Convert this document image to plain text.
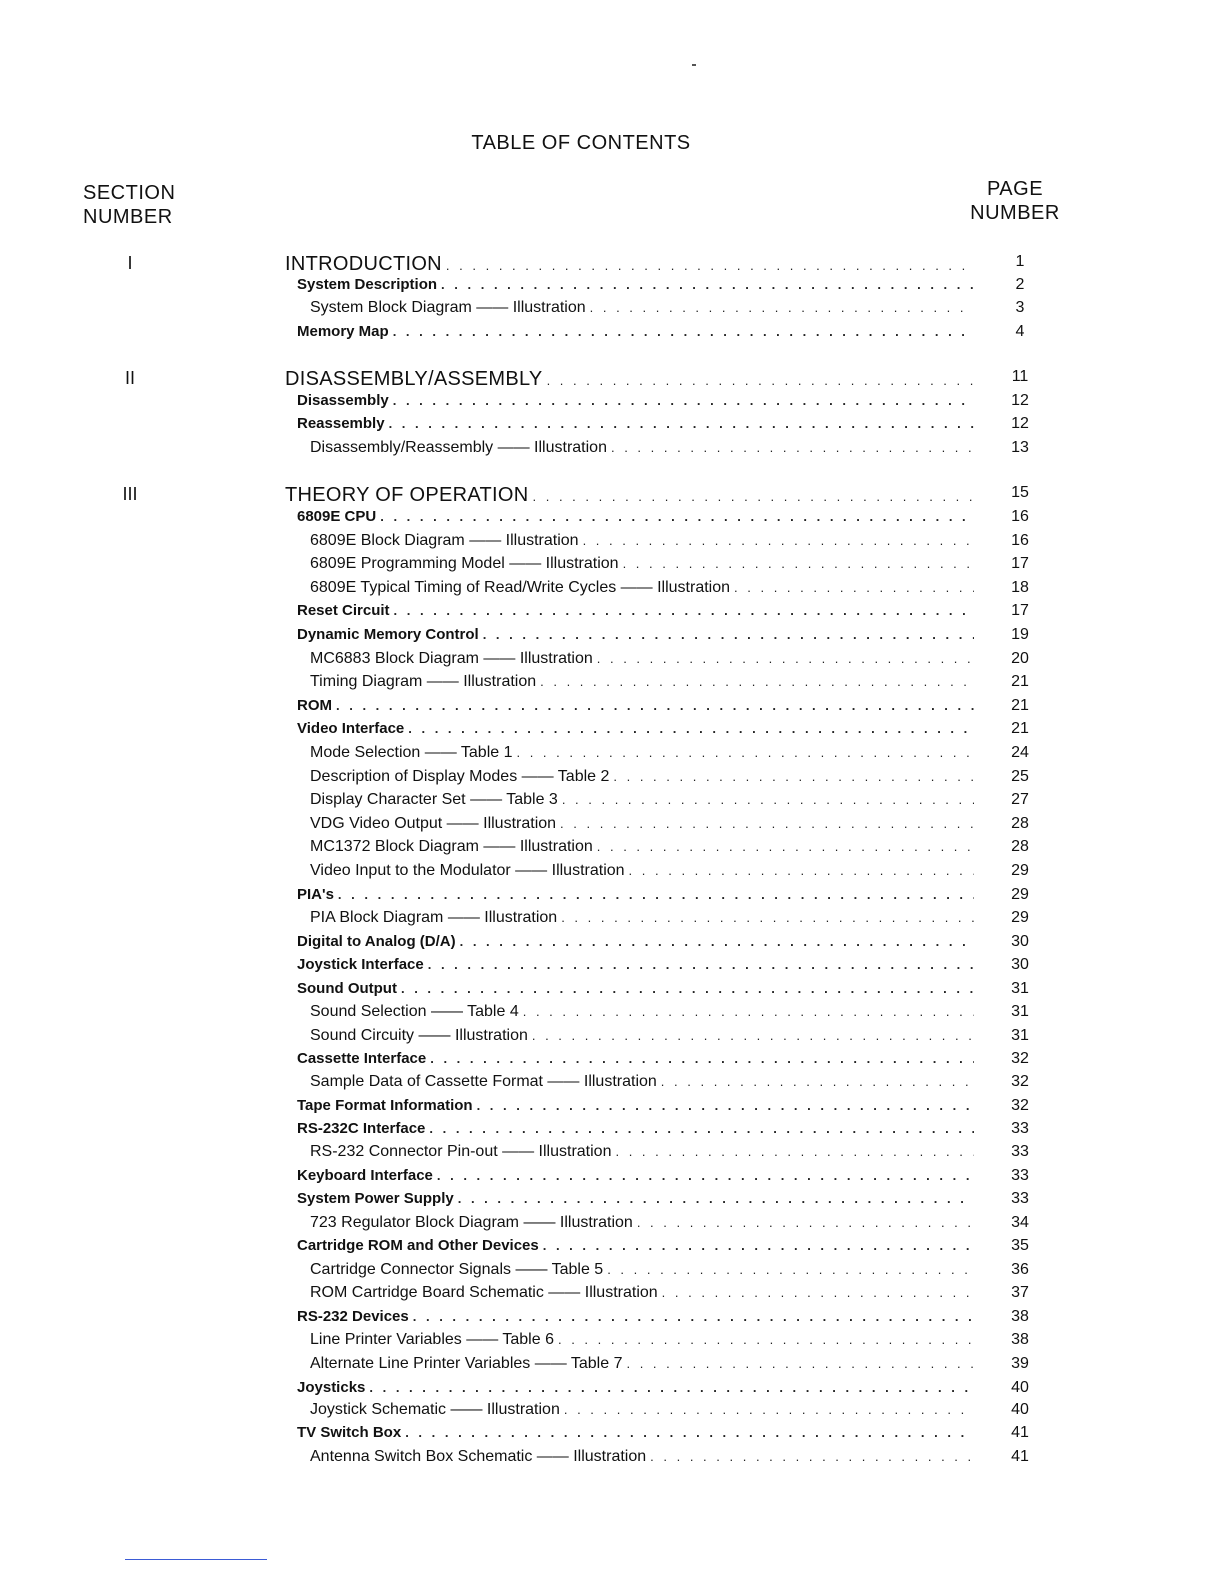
TABLE OF CONTENTS
SECTION
NUMBER
PAGE
NUMBER
I	INTRODUCTION . . .	1
System Description . . .	2
System Block Diagram —— Illustration . . .	3
Memory Map . . .	4
II	DISASSEMBLY/ASSEMBLY . . .	11
Disassembly . . .	12
Reassembly . . .	12
Disassembly/Reassembly —— Illustration . . .	13
III	THEORY OF OPERATION . . .	15
6809E CPU . . .	16
6809E Block Diagram —— Illustration . . .	16
6809E Programming Model —— Illustration . . .	17
6809E Typical Timing of Read/Write Cycles —— Illustration . . .	18
Reset Circuit . . .	17
Dynamic Memory Control . . .	19
MC6883 Block Diagram —— Illustration . . .	20
Timing Diagram —— Illustration . . .	21
ROM . . .	21
Video Interface . . .	21
Mode Selection —— Table 1 . . .	24
Description of Display Modes —— Table 2 . . .	25
Display Character Set —— Table 3 . . .	27
VDG Video Output —— Illustration . . .	28
MC1372 Block Diagram —— Illustration . . .	28
Video Input to the Modulator —— Illustration . . .	29
PIA's . . .	29
PIA Block Diagram —— Illustration . . .	29
Digital to Analog (D/A) . . .	30
Joystick Interface . . .	30
Sound Output . . .	31
Sound Selection —— Table 4 . . .	31
Sound Circuity —— Illustration . . .	31
Cassette Interface . . .	32
Sample Data of Cassette Format —— Illustration . . .	32
Tape Format Information . . .	32
RS-232C Interface . . .	33
RS-232 Connector Pin-out —— Illustration . . .	33
Keyboard Interface . . .	33
System Power Supply . . .	33
723 Regulator Block Diagram —— Illustration . . .	34
Cartridge ROM and Other Devices . . .	35
Cartridge Connector Signals —— Table 5 . . .	36
ROM Cartridge Board Schematic —— Illustration . . .	37
RS-232 Devices . . .	38
Line Printer Variables —— Table 6 . . .	38
Alternate Line Printer Variables —— Table 7 . . .	39
Joysticks . . .	40
Joystick Schematic —— Illustration . . .	40
TV Switch Box . . .	41
Antenna Switch Box Schematic —— Illustration . . .	41
